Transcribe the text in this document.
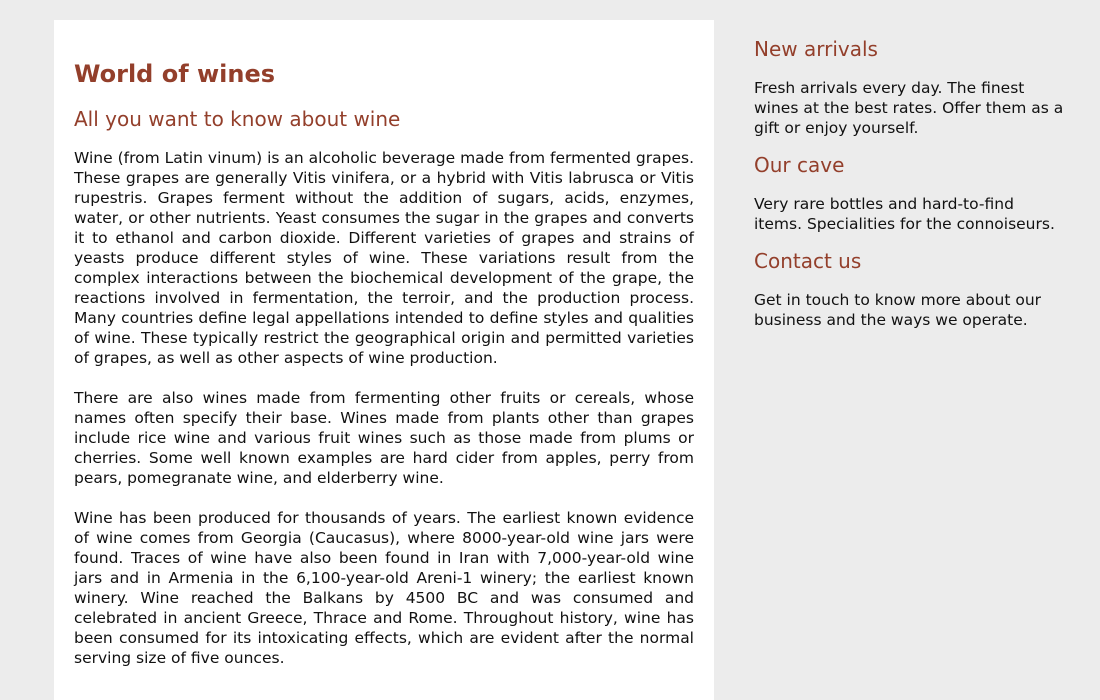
World of wines
All you want to know about wine

Wine (from Latin vinum) is an alcoholic beverage made from fermented grapes. These grapes are generally Vitis vinifera, or a hybrid with Vitis labrusca or Vitis rupestris. Grapes ferment without the addition of sugars, acids, enzymes, water, or other nutrients. Yeast consumes the sugar in the grapes and converts it to ethanol and carbon dioxide. Different varieties of grapes and strains of yeasts produce different styles of wine. These variations result from the complex interactions between the biochemical development of the grape, the reactions involved in fermentation, the terroir, and the production process. Many countries define legal appellations intended to define styles and qualities of wine. These typically restrict the geographical origin and permitted varieties of grapes, as well as other aspects of wine production.

There are also wines made from fermenting other fruits or cereals, whose names often specify their base. Wines made from plants other than grapes include rice wine and various fruit wines such as those made from plums or cherries. Some well known examples are hard cider from apples, perry from pears, pomegranate wine, and elderberry wine.

Wine has been produced for thousands of years. The earliest known evidence of wine comes from Georgia (Caucasus), where 8000-year-old wine jars were found. Traces of wine have also been found in Iran with 7,000-year-old wine jars and in Armenia in the 6,100-year-old Areni-1 winery; the earliest known winery. Wine reached the Balkans by 4500 BC and was consumed and celebrated in ancient Greece, Thrace and Rome. Throughout history, wine has been consumed for its intoxicating effects, which are evident after the normal serving size of five ounces.

New arrivals

Fresh arrivals every day. The finest wines at the best rates. Offer them as a gift or enjoy yourself.

Our cave

Very rare bottles and hard-to-find items. Specialities for the connoiseurs.

Contact us

Get in touch to know more about our business and the ways we operate.
